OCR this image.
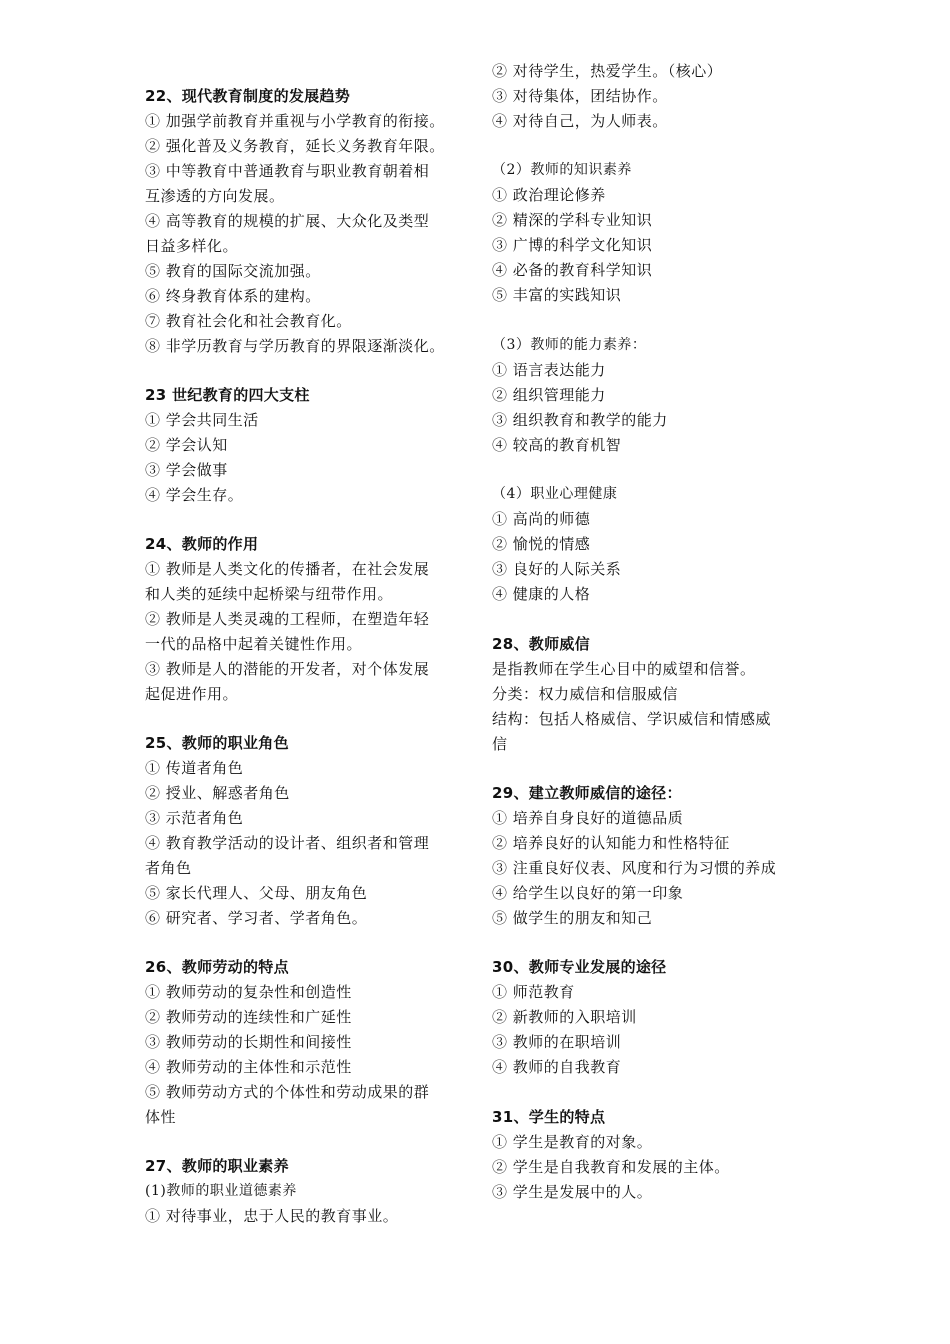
22、现代教育制度的发展趋势
① 加强学前教育并重视与小学教育的衔接。
② 强化普及义务教育，延长义务教育年限。
③ 中等教育中普通教育与职业教育朝着相
互渗透的方向发展。
④ 高等教育的规模的扩展、大众化及类型
日益多样化。
⑤ 教育的国际交流加强。
⑥ 终身教育体系的建构。
⑦ 教育社会化和社会教育化。
⑧ 非学历教育与学历教育的界限逐渐淡化。
23 世纪教育的四大支柱
① 学会共同生活
② 学会认知
③ 学会做事
④ 学会生存。
24、教师的作用
① 教师是人类文化的传播者，在社会发展
和人类的延续中起桥梁与纽带作用。
② 教师是人类灵魂的工程师，在塑造年轻
一代的品格中起着关键性作用。
③ 教师是人的潜能的开发者，对个体发展
起促进作用。
25、教师的职业角色
① 传道者角色
② 授业、解惑者角色
③ 示范者角色
④ 教育教学活动的设计者、组织者和管理
者角色
⑤ 家长代理人、父母、朋友角色
⑥ 研究者、学习者、学者角色。
26、教师劳动的特点
① 教师劳动的复杂性和创造性
② 教师劳动的连续性和广延性
③ 教师劳动的长期性和间接性
④ 教师劳动的主体性和示范性
⑤ 教师劳动方式的个体性和劳动成果的群
体性
27、教师的职业素养
(1)教师的职业道德素养
① 对待事业，忠于人民的教育事业。
② 对待学生，热爱学生。（核心）
③ 对待集体，团结协作。
④ 对待自己，为人师表。
（2）教师的知识素养
① 政治理论修养
② 精深的学科专业知识
③ 广博的科学文化知识
④ 必备的教育科学知识
⑤ 丰富的实践知识
（3）教师的能力素养：
① 语言表达能力
② 组织管理能力
③ 组织教育和教学的能力
④ 较高的教育机智
（4）职业心理健康
① 高尚的师德
② 愉悦的情感
③ 良好的人际关系
④ 健康的人格
28、教师威信
是指教师在学生心目中的威望和信誉。
分类：权力威信和信服威信
结构：包括人格威信、学识威信和情感威
信
29、建立教师威信的途径：
① 培养自身良好的道德品质
② 培养良好的认知能力和性格特征
③ 注重良好仪表、风度和行为习惯的养成
④ 给学生以良好的第一印象
⑤ 做学生的朋友和知己
30、教师专业发展的途径
① 师范教育
② 新教师的入职培训
③ 教师的在职培训
④ 教师的自我教育
31、学生的特点
① 学生是教育的对象。
② 学生是自我教育和发展的主体。
③ 学生是发展中的人。
